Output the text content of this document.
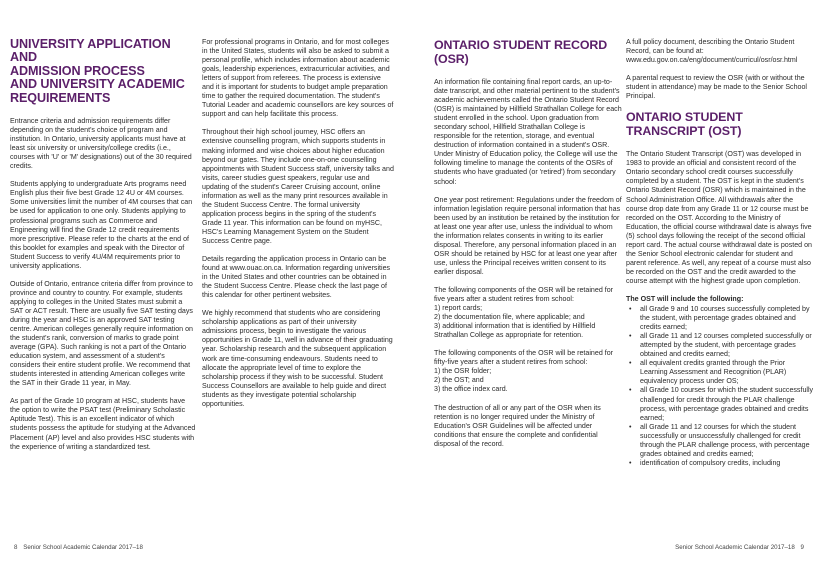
UNIVERSITY APPLICATION AND
ADMISSION PROCESS
AND UNIVERSITY ACADEMIC
REQUIREMENTS

Entrance criteria and admission requirements differ depending on the student's choice of program and institution. In Ontario, university applicants must have at least six university or university/college credits (i.e., courses with 'U' or 'M' designations) out of the 30 required credits.

Students applying to undergraduate Arts programs need English plus their five best Grade 12 4U or 4M courses. Some universities limit the number of 4M courses that can be used for application to one only. Students applying to professional programs such as Commerce and Engineering will find the Grade 12 credit requirements more prescriptive. Please refer to the charts at the end of this booklet for examples and speak with the Director of Student Success to verify 4U/4M requirements prior to university applications.

Outside of Ontario, entrance criteria differ from province to province and country to country. For example, students applying to colleges in the United States must submit a SAT or ACT result. There are usually five SAT testing days during the year and HSC is an approved SAT testing centre. American colleges generally require information on the student's rank, conversion of marks to grade point average (GPA). Such ranking is not a part of the Ontario education system, and assessment of a student's considers their entire student profile. We recommend that students interested in attending American colleges write the SAT in their Grade 11 year, in May.

As part of the Grade 10 program at HSC, students have the option to write the PSAT test (Preliminary Scholastic Aptitude Test). This is an excellent indicator of which students possess the aptitude for studying at the Advanced Placement (AP) level and also provides HSC students with the experience of writing a standardized test.

For professional programs in Ontario, and for most colleges in the United States, students will also be asked to submit a personal profile, which includes information about academic goals, leadership experiences, extracurricular activities, and letters of support from referees. The process is extensive and it is important for students to budget ample preparation time to gather the required documentation. The student's Tutorial Leader and academic counsellors are key sources of support and can help facilitate this process.

Throughout their high school journey, HSC offers an extensive counselling program, which supports students in making informed and wise choices about higher education beyond our gates. They include one-on-one counselling appointments with Student Success staff, university talks and visits, career studies guest speakers, regular use and updating of the student's Career Cruising account, online information as well as the many print resources available in the Student Success Centre. The formal university application process begins in the spring of the student's Grade 11 year. This information can be found on myHSC, HSC's Learning Management System on the Student Success Centre page.

Details regarding the application process in Ontario can be found at www.ouac.on.ca. Information regarding universities in the United States and other countries can be obtained in the Student Success Centre. Please check the last page of this calendar for other pertinent websites.

We highly recommend that students who are considering scholarship applications as part of their university admissions process, begin to investigate the various opportunities in Grade 11, well in advance of their graduating year. Scholarship research and the subsequent application work are time-consuming endeavours. Students need to allocate the appropriate level of time to explore the scholarship process if they wish to be successful. Student Success Counsellors are available to help guide and direct students as they investigate potential scholarship opportunities.

8 Senior School Academic Calendar 2017–18
ONTARIO STUDENT RECORD
(OSR)

An information file containing final report cards, an up-to-date transcript, and other material pertinent to the student's academic achievements called the Ontario Student Record (OSR) is maintained by Hillfield Strathallan College for each student enrolled in the school. Upon graduation from secondary school, Hillfield Strathallan College is responsible for the retention, storage, and eventual destruction of information contained in a student's OSR. Under Ministry of Education policy, the College will use the following timeline to manage the contents of the OSRs of students who have graduated (or 'retired') from secondary school:

One year post retirement: Regulations under the freedom of information legislation require personal information that has been used by an institution be retained by the institution for at least one year after use, unless the individual to whom the information relates consents in writing to its earlier disposal. Therefore, any personal information placed in an OSR should be retained by HSC for at least one year after use, unless the Principal receives written consent to its earlier disposal.

The following components of the OSR will be retained for five years after a student retires from school:
1) report cards;
2) the documentation file, where applicable; and
3) additional information that is identified by Hillfield Strathallan College as appropriate for retention.

The following components of the OSR will be retained for fifty-five years after a student retires from school:
1) the OSR folder;
2) the OST; and
3) the office index card.

The destruction of all or any part of the OSR when its retention is no longer required under the Ministry of Education's OSR Guidelines will be affected under conditions that ensure the complete and confidential disposal of the record.

A full policy document, describing the Ontario Student Record, can be found at: www.edu.gov.on.ca/eng/document/curricul/osr/osr.html

A parental request to review the OSR (with or without the student in attendance) may be made to the Senior School Principal.

ONTARIO STUDENT
TRANSCRIPT (OST)

The Ontario Student Transcript (OST) was developed in 1983 to provide an official and consistent record of the Ontario secondary school credit courses successfully completed by a student. The OST is kept in the student's Ontario Student Record (OSR) which is maintained in the School Administration Office. All withdrawals after the course drop date from any Grade 11 or 12 course must be recorded on the OST. According to the Ministry of Education, the official course withdrawal date is always five (5) school days following the receipt of the second official report card. The actual course withdrawal date is posted on the Senior School electronic calendar for student and parent reference. As well, any repeat of a course must also be recorded on the OST and the credit awarded to the course attempt with the highest grade upon completion.

The OST will include the following:
• all Grade 9 and 10 courses successfully completed by the student, with percentage grades obtained and credits earned;
• all Grade 11 and 12 courses completed successfully or attempted by the student, with percentage grades obtained and credits earned;
• all equivalent credits granted through the Prior Learning Assessment and Recognition (PLAR) equivalency process under OS;
• all Grade 10 courses for which the student successfully challenged for credit through the PLAR challenge process, with percentage grades obtained and credits earned;
• all Grade 11 and 12 courses for which the student successfully or unsuccessfully challenged for credit through the PLAR challenge process, with percentage grades obtained and credits earned;
• identification of compulsory credits, including
Senior School Academic Calendar 2017–18 9
